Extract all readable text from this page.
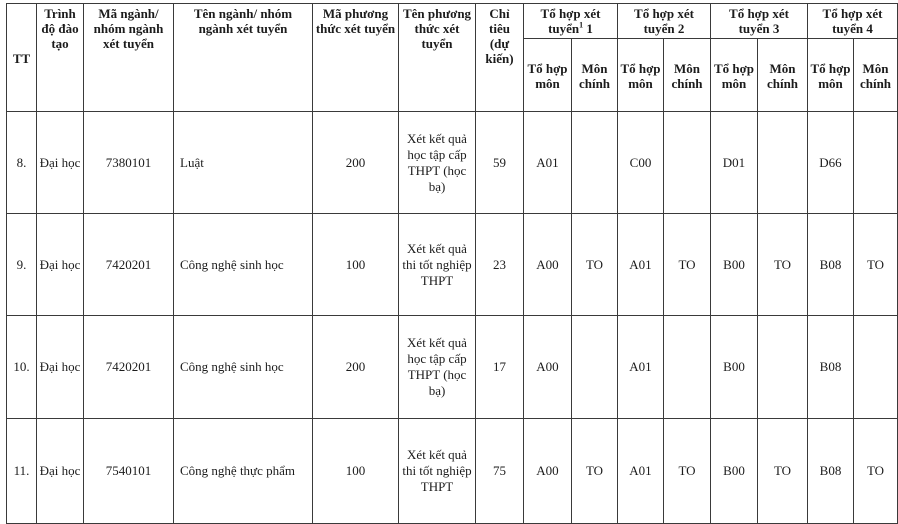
TT	Trình độ đào tạo	Mã ngành/ nhóm ngành xét tuyển	Tên ngành/ nhóm ngành xét tuyển	Mã phương thức xét tuyển	Tên phương thức xét tuyển	Chỉ tiêu (dự kiến)	Tổ hợp xét tuyển$^1$ 1		Tổ hợp xét tuyển 2		Tổ hợp xét tuyển 3		Tổ hợp xét tuyển 4	
							Tổ hợp môn	Môn chính	Tổ hợp môn	Môn chính	Tổ hợp môn	Môn chính	Tổ hợp môn	Môn chính
8.	Đại học	7380101	Luật	200	Xét kết quả học tập cấp THPT (học bạ)	59	A01		C00		D01		D66	
9.	Đại học	7420201	Công nghệ sinh học	100	Xét kết quả thi tốt nghiệp THPT	23	A00	TO	A01	TO	B00	TO	B08	TO
10.	Đại học	7420201	Công nghệ sinh học	200	Xét kết quả học tập cấp THPT (học bạ)	17	A00		A01		B00		B08	
11.	Đại học	7540101	Công nghệ thực phẩm	100	Xét kết quả thi tốt nghiệp THPT	75	A00	TO	A01	TO	B00	TO	B08	TO
